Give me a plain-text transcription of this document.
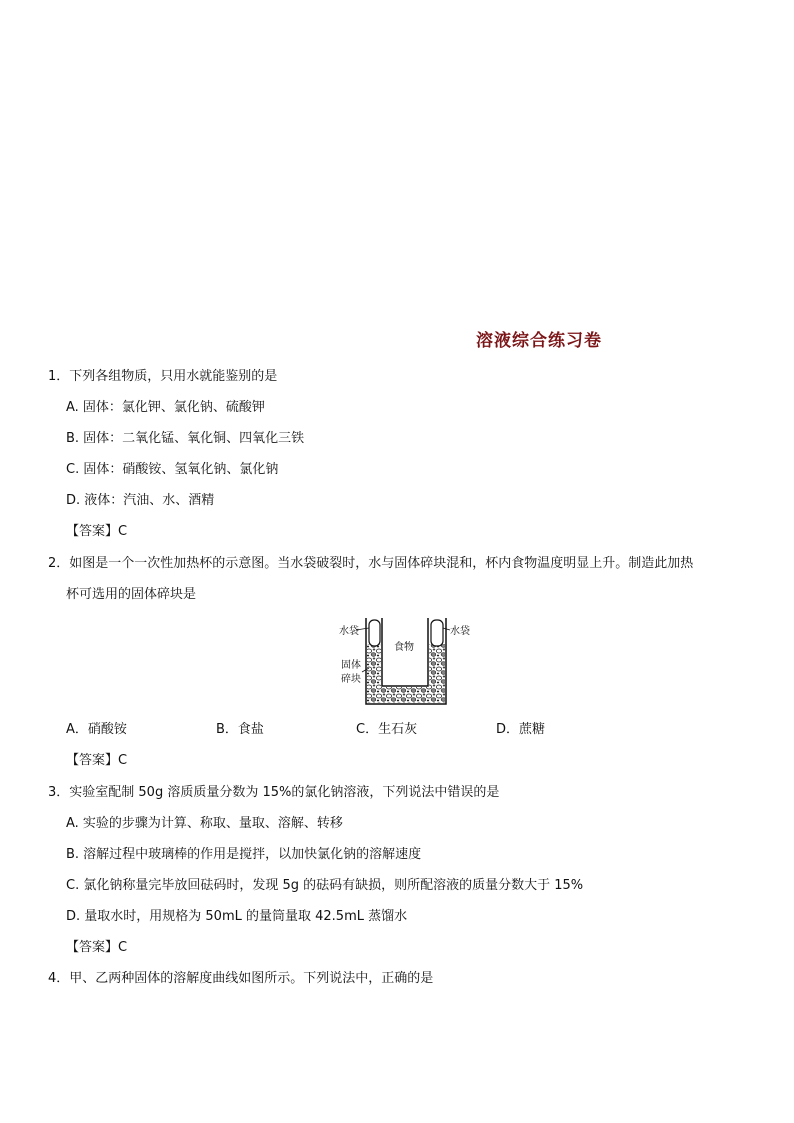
溶液综合练习卷
1．下列各组物质，只用水就能鉴别的是
A. 固体：氯化钾、氯化钠、硫酸钾
B. 固体：二氧化锰、氧化铜、四氧化三铁
C. 固体：硝酸铵、氢氧化钠、氯化钠
D. 液体：汽油、水、酒精
【答案】C
2．如图是一个一次性加热杯的示意图。当水袋破裂时，水与固体碎块混和，杯内食物温度明显上升。制造此加热
杯可选用的固体碎块是
水袋	水袋
食物
固体
碎块
A．硝酸铵	B．食盐	C．生石灰	D．蔗糖
【答案】C
3．实验室配制 50g 溶质质量分数为 15%的氯化钠溶液，下列说法中错误的是
A. 实验的步骤为计算、称取、量取、溶解、转移
B. 溶解过程中玻璃棒的作用是搅拌，以加快氯化钠的溶解速度
C. 氯化钠称量完毕放回砝码时，发现 5g 的砝码有缺损，则所配溶液的质量分数大于 15%
D. 量取水时，用规格为 50mL 的量筒量取 42.5mL 蒸馏水
【答案】C
4．甲、乙两种固体的溶解度曲线如图所示。下列说法中，正确的是
